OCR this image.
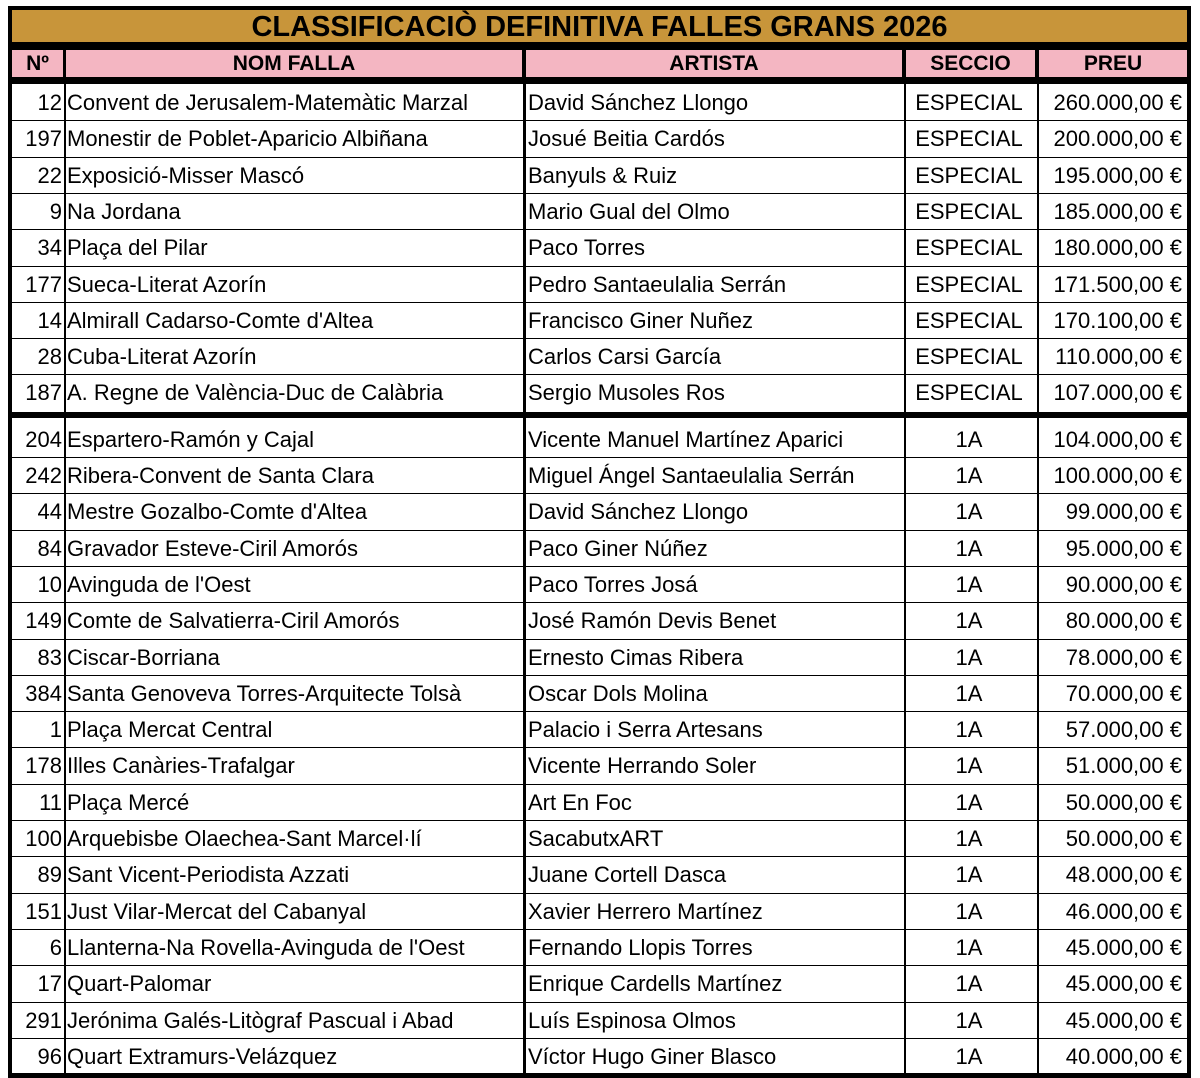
CLASSIFICACIÒ DEFINITIVA FALLES GRANS 2026
Nº	NOM FALLA	ARTISTA	SECCIO	PREU
12 Convent de Jerusalem-Matemàtic Marzal	David Sánchez Llongo	ESPECIAL	260.000,00 €
197 Monestir de Poblet-Aparicio Albiñana	Josué Beitia Cardós	ESPECIAL	200.000,00 €
22 Exposició-Misser Mascó	Banyuls & Ruiz	ESPECIAL	195.000,00 €
9 Na Jordana	Mario Gual del Olmo	ESPECIAL	185.000,00 €
34 Plaça del Pilar	Paco Torres	ESPECIAL	180.000,00 €
177 Sueca-Literat Azorín	Pedro Santaeulalia Serrán	ESPECIAL	171.500,00 €
14 Almirall Cadarso-Comte d'Altea	Francisco Giner Nuñez	ESPECIAL	170.100,00 €
28 Cuba-Literat Azorín	Carlos Carsi García	ESPECIAL	110.000,00 €
187 A. Regne de València-Duc de Calàbria	Sergio Musoles Ros	ESPECIAL	107.000,00 €
204 Espartero-Ramón y Cajal	Vicente Manuel Martínez Aparici	1A	104.000,00 €
242 Ribera-Convent de Santa Clara	Miguel Ángel Santaeulalia Serrán	1A	100.000,00 €
44 Mestre Gozalbo-Comte d'Altea	David Sánchez Llongo	1A	99.000,00 €
84 Gravador Esteve-Ciril Amorós	Paco Giner Núñez	1A	95.000,00 €
10 Avinguda de l'Oest	Paco Torres Josá	1A	90.000,00 €
149 Comte de Salvatierra-Ciril Amorós	José Ramón Devis Benet	1A	80.000,00 €
83 Ciscar-Borriana	Ernesto Cimas Ribera	1A	78.000,00 €
384 Santa Genoveva Torres-Arquitecte Tolsà	Oscar Dols Molina	1A	70.000,00 €
1 Plaça Mercat Central	Palacio i Serra Artesans	1A	57.000,00 €
178 Illes Canàries-Trafalgar	Vicente Herrando Soler	1A	51.000,00 €
11 Plaça Mercé	Art En Foc	1A	50.000,00 €
100 Arquebisbe Olaechea-Sant Marcel·lí	SacabutxART	1A	50.000,00 €
89 Sant Vicent-Periodista Azzati	Juane Cortell Dasca	1A	48.000,00 €
151 Just Vilar-Mercat del Cabanyal	Xavier Herrero Martínez	1A	46.000,00 €
6 Llanterna-Na Rovella-Avinguda de l'Oest	Fernando Llopis Torres	1A	45.000,00 €
17 Quart-Palomar	Enrique Cardells Martínez	1A	45.000,00 €
291 Jerónima Galés-Litògraf Pascual i Abad	Luís Espinosa Olmos	1A	45.000,00 €
96 Quart Extramurs-Velázquez	Víctor Hugo Giner Blasco	1A	40.000,00 €
